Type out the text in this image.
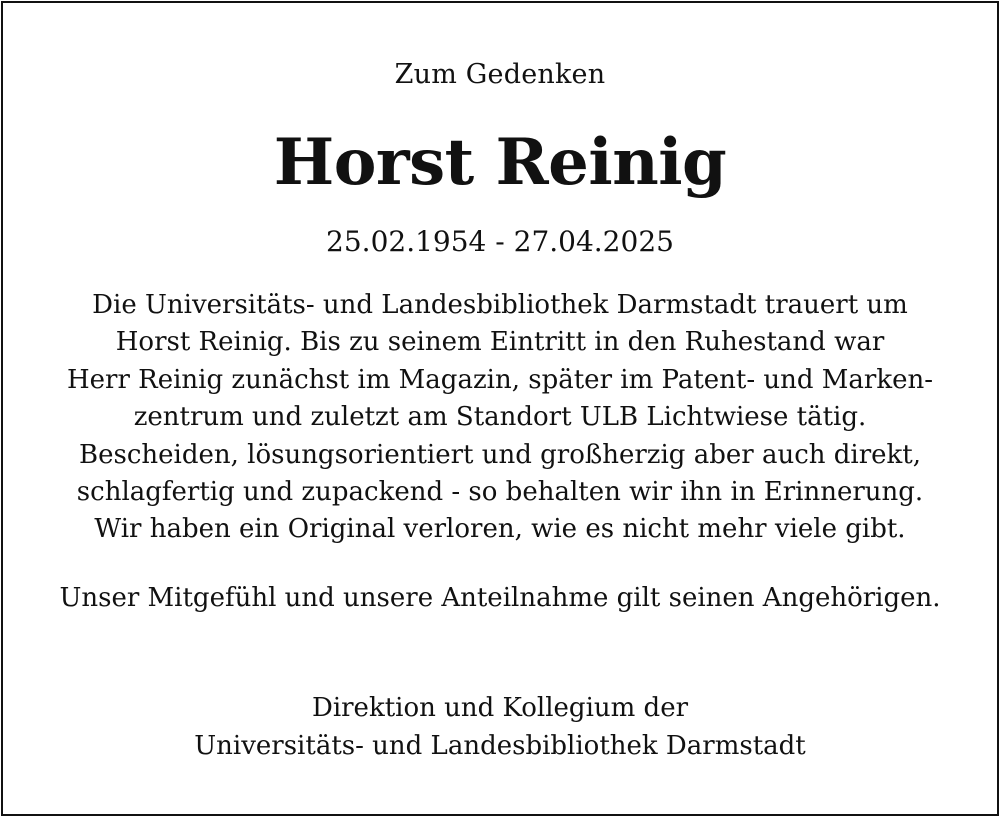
Zum Gedenken
Horst Reinig
25.02.1954 - 27.04.2025
Die Universitäts- und Landesbibliothek Darmstadt trauert um
Horst Reinig. Bis zu seinem Eintritt in den Ruhestand war
Herr Reinig zunächst im Magazin, später im Patent- und Marken-
zentrum und zuletzt am Standort ULB Lichtwiese tätig.
Bescheiden, lösungsorientiert und großherzig aber auch direkt,
schlagfertig und zupackend - so behalten wir ihn in Erinnerung.
Wir haben ein Original verloren, wie es nicht mehr viele gibt.
Unser Mitgefühl und unsere Anteilnahme gilt seinen Angehörigen.
Direktion und Kollegium der
Universitäts- und Landesbibliothek Darmstadt
